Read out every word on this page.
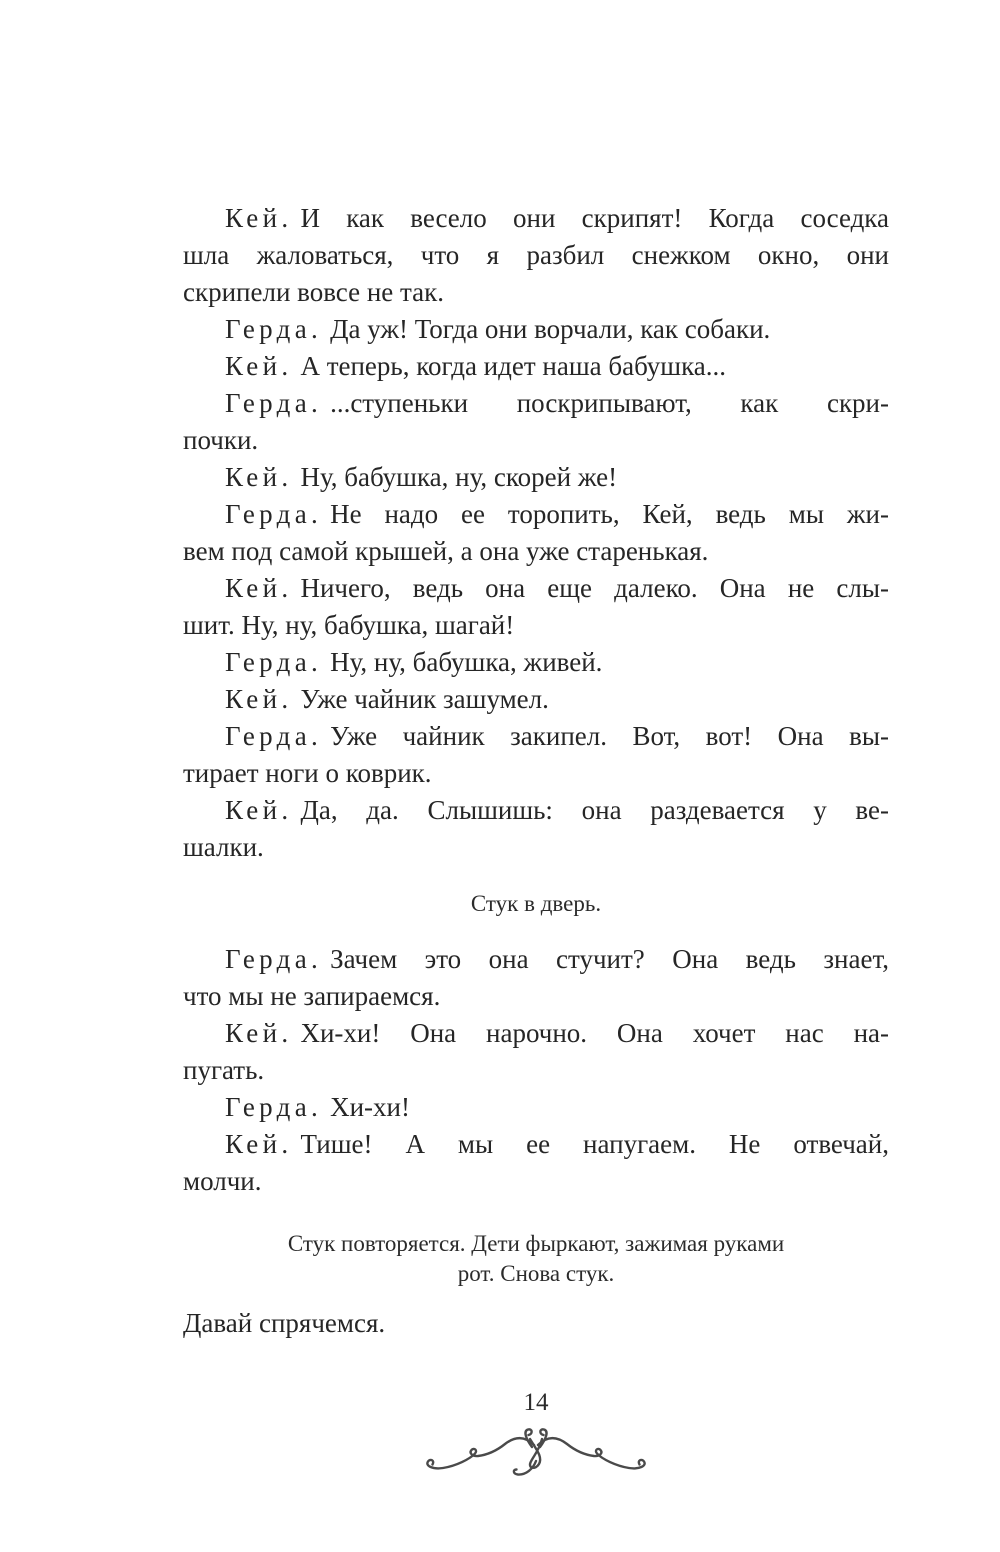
Кей. И как весело они скрипят! Когда соседка
шла жаловаться, что я разбил снежком окно, они
скрипели вовсе не так.
Герда. Да уж! Тогда они ворчали, как собаки.
Кей. А теперь, когда идет наша бабушка...
Герда. ...ступеньки поскрипывают, как скри-
почки.
Кей. Ну, бабушка, ну, скорей же!
Герда. Не надо ее торопить, Кей, ведь мы жи-
вем под самой крышей, а она уже старенькая.
Кей. Ничего, ведь она еще далеко. Она не слы-
шит. Ну, ну, бабушка, шагай!
Герда. Ну, ну, бабушка, живей.
Кей. Уже чайник зашумел.
Герда. Уже чайник закипел. Вот, вот! Она вы-
тирает ноги о коврик.
Кей. Да, да. Слышишь: она раздевается у ве-
шалки.
Стук в дверь.
Герда. Зачем это она стучит? Она ведь знает,
что мы не запираемся.
Кей. Хи-хи! Она нарочно. Она хочет нас на-
пугать.
Герда. Хи-хи!
Кей. Тише! А мы ее напугаем. Не отвечай,
молчи.
Стук повторяется. Дети фыркают, зажимая руками
рот. Снова стук.
Давай спрячемся.
14
